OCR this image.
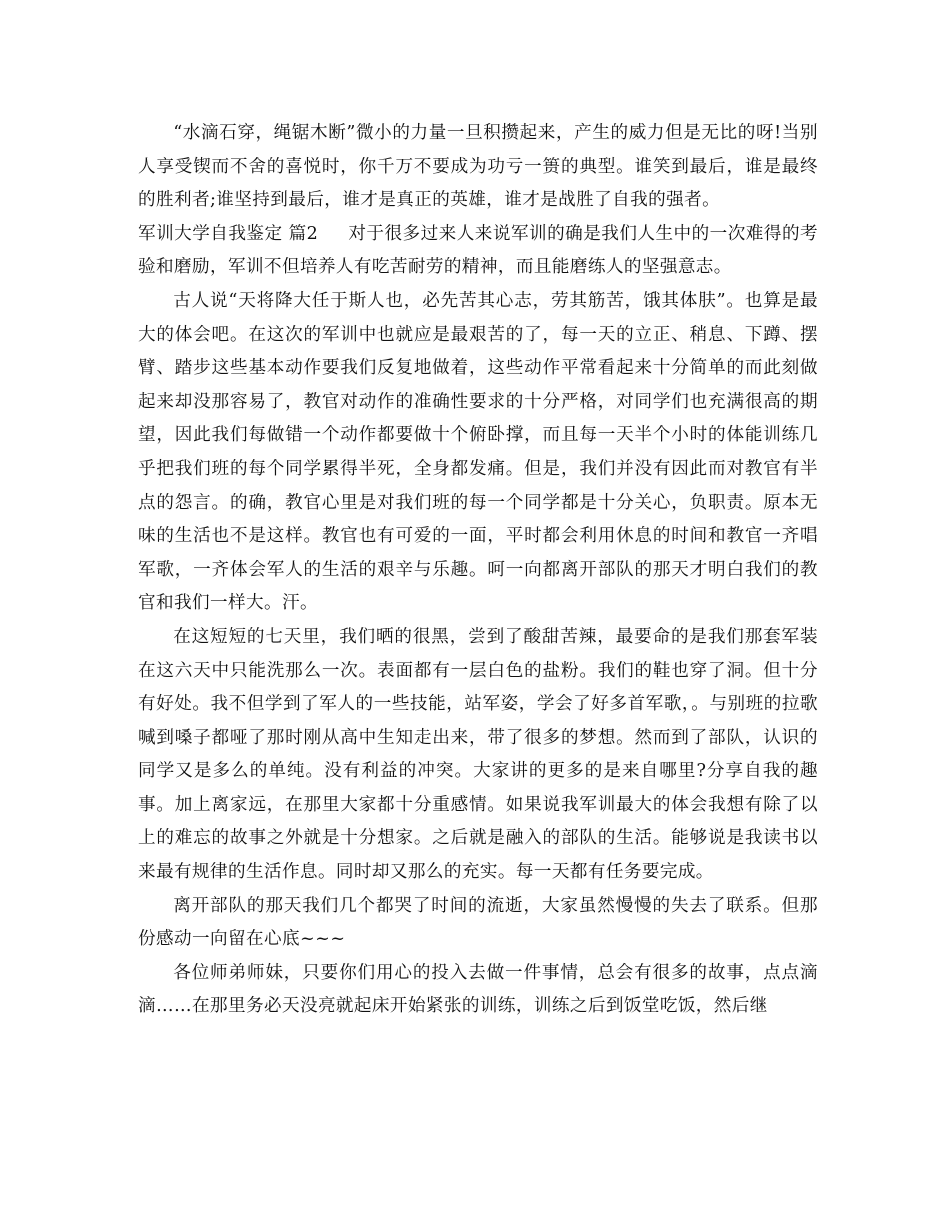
“水滴石穿，绳锯木断”微小的力量一旦积攒起来，产生的威力但是无比的呀!当别人享受锲而不舍的喜悦时，你千万不要成为功亏一篑的典型。谁笑到最后，谁是最终的胜利者;谁坚持到最后，谁才是真正的英雄，谁才是战胜了自我的强者。

军训大学自我鉴定 篇2 对于很多过来人来说军训的确是我们人生中的一次难得的考验和磨励，军训不但培养人有吃苦耐劳的精神，而且能磨练人的坚强意志。

古人说“天将降大任于斯人也，必先苦其心志，劳其筋苦，饿其体肤”。也算是最大的体会吧。在这次的军训中也就应是最艰苦的了，每一天的立正、稍息、下蹲、摆臂、踏步这些基本动作要我们反复地做着，这些动作平常看起来十分简单的而此刻做起来却没那容易了，教官对动作的准确性要求的十分严格，对同学们也充满很高的期望，因此我们每做错一个动作都要做十个俯卧撑，而且每一天半个小时的体能训练几乎把我们班的每个同学累得半死，全身都发痛。但是，我们并没有因此而对教官有半点的怨言。的确，教官心里是对我们班的每一个同学都是十分关心，负职责。原本无味的生活也不是这样。教官也有可爱的一面，平时都会利用休息的时间和教官一齐唱军歌，一齐体会军人的生活的艰辛与乐趣。呵一向都离开部队的那天才明白我们的教官和我们一样大。汗。

在这短短的七天里，我们晒的很黑，尝到了酸甜苦辣，最要命的是我们那套军装在这六天中只能洗那么一次。表面都有一层白色的盐粉。我们的鞋也穿了洞。但十分有好处。我不但学到了军人的一些技能，站军姿，学会了好多首军歌，。与别班的拉歌喊到嗓子都哑了那时刚从高中生知走出来，带了很多的梦想。然而到了部队，认识的同学又是多么的单纯。没有利益的冲突。大家讲的更多的是来自哪里?分享自我的趣事。加上离家远，在那里大家都十分重感情。如果说我军训最大的体会我想有除了以上的难忘的故事之外就是十分想家。之后就是融入的部队的生活。能够说是我读书以来最有规律的生活作息。同时却又那么的充实。每一天都有任务要完成。

离开部队的那天我们几个都哭了时间的流逝，大家虽然慢慢的失去了联系。但那份感动一向留在心底~~~

各位师弟师妹，只要你们用心的投入去做一件事情，总会有很多的故事，点点滴滴……在那里务必天没亮就起床开始紧张的训练，训练之后到饭堂吃饭，然后继
